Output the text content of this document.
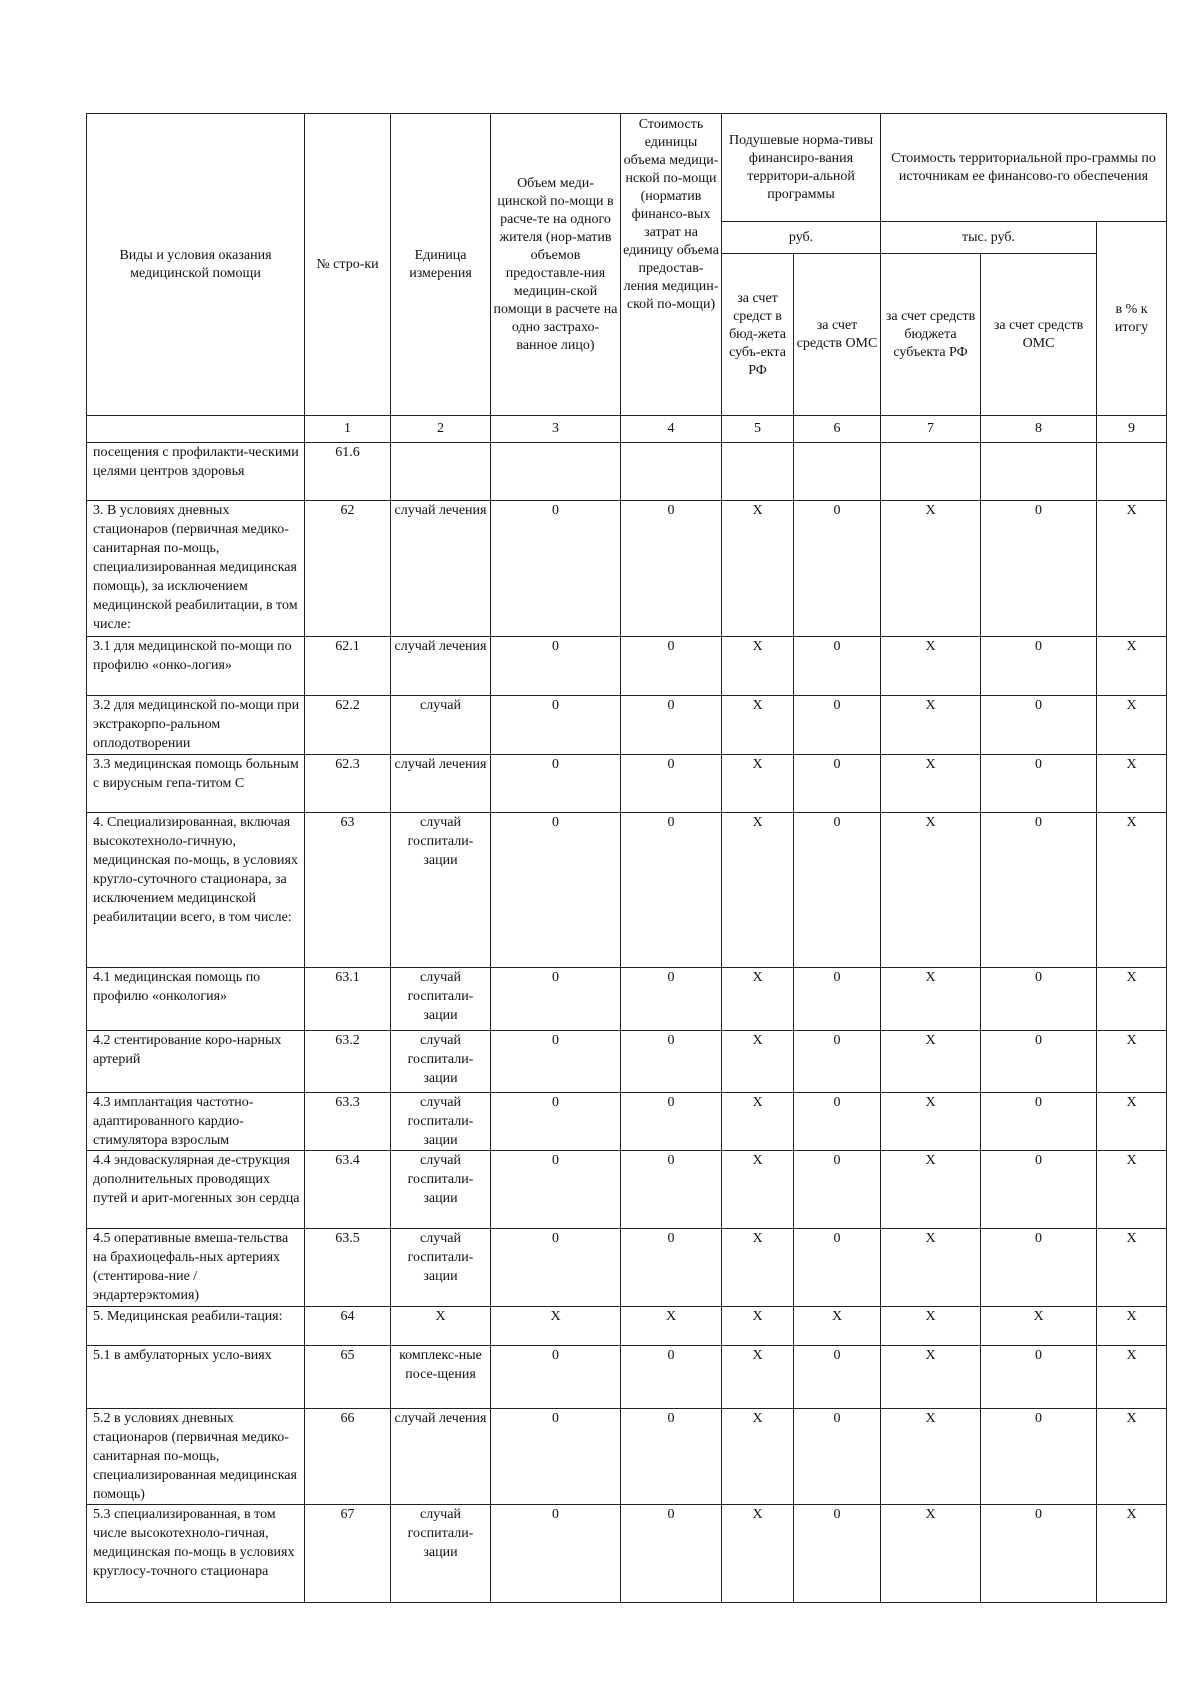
Виды и условия оказания медицинской помощи	№ стро-ки	Единица измерения	Объем меди-цинской по-мощи в расче-те на одного жителя (нор-матив объемов предоставле-ния медицин-ской помощи в расчете на одно застрахо-ванное лицо)	Стоимость единицы объема медици-нской по-мощи (норматив финансо-вых затрат на единицу объема предостав-ления медицин-ской по-мощи)	Подушевые норма-тивы финансиро-вания территори-альной программы		Стоимость территориальной про-граммы по источникам ее финансово-го обеспечения		
					руб.		тыс. руб.		в % к итогу
					за счет средст в бюд-жета субъ-екта РФ	за счет средств ОМС	за счет средств бюджета субъекта РФ	за счет средств ОМС	
	1	2	3	4	5	6	7	8	9
посещения с профилакти-ческими целями центров здоровья	61.6								
3. В условиях дневных стационаров (первичная медико-санитарная по-мощь, специализированная медицинская помощь), за исключением медицинской реабилитации, в том числе:	62	случай лечения	0	0	X	0	X	0	X
3.1 для медицинской по-мощи по профилю «онко-логия»	62.1	случай лечения	0	0	X	0	X	0	X
3.2 для медицинской по-мощи при экстракорпо-ральном оплодотворении	62.2	случай	0	0	X	0	X	0	X
3.3 медицинская помощь больным с вирусным гепа-титом С	62.3	случай лечения	0	0	X	0	X	0	X
4. Специализированная, включая высокотехноло-гичную, медицинская по-мощь, в условиях кругло-суточного стационара, за исключением медицинской реабилитации всего, в том числе:	63	случай госпитали-зации	0	0	X	0	X	0	X
4.1 медицинская помощь по профилю «онкология»	63.1	случай госпитали-зации	0	0	X	0	X	0	X
4.2 стентирование коро-нарных артерий	63.2	случай госпитали-зации	0	0	X	0	X	0	X
4.3 имплантация частотно-адаптированного кардио-стимулятора взрослым	63.3	случай госпитали-зации	0	0	X	0	X	0	X
4.4 эндоваскулярная де-струкция дополнительных проводящих путей и арит-могенных зон сердца	63.4	случай госпитали-зации	0	0	X	0	X	0	X
4.5 оперативные вмеша-тельства на брахиоцефаль-ных артериях (стентирова-ние / эндартерэктомия)	63.5	случай госпитали-зации	0	0	X	0	X	0	X
5. Медицинская реабили-тация:	64	X	X	X	X	X	X	X	X
5.1 в амбулаторных усло-виях	65	комплекс-ные посе-щения	0	0	X	0	X	0	X
5.2 в условиях дневных стационаров (первичная медико-санитарная по-мощь, специализированная медицинская помощь)	66	случай лечения	0	0	X	0	X	0	X
5.3 специализированная, в том числе высокотехноло-гичная, медицинская по-мощь в условиях круглосу-точного стационара	67	случай госпитали-зации	0	0	X	0	X	0	X
